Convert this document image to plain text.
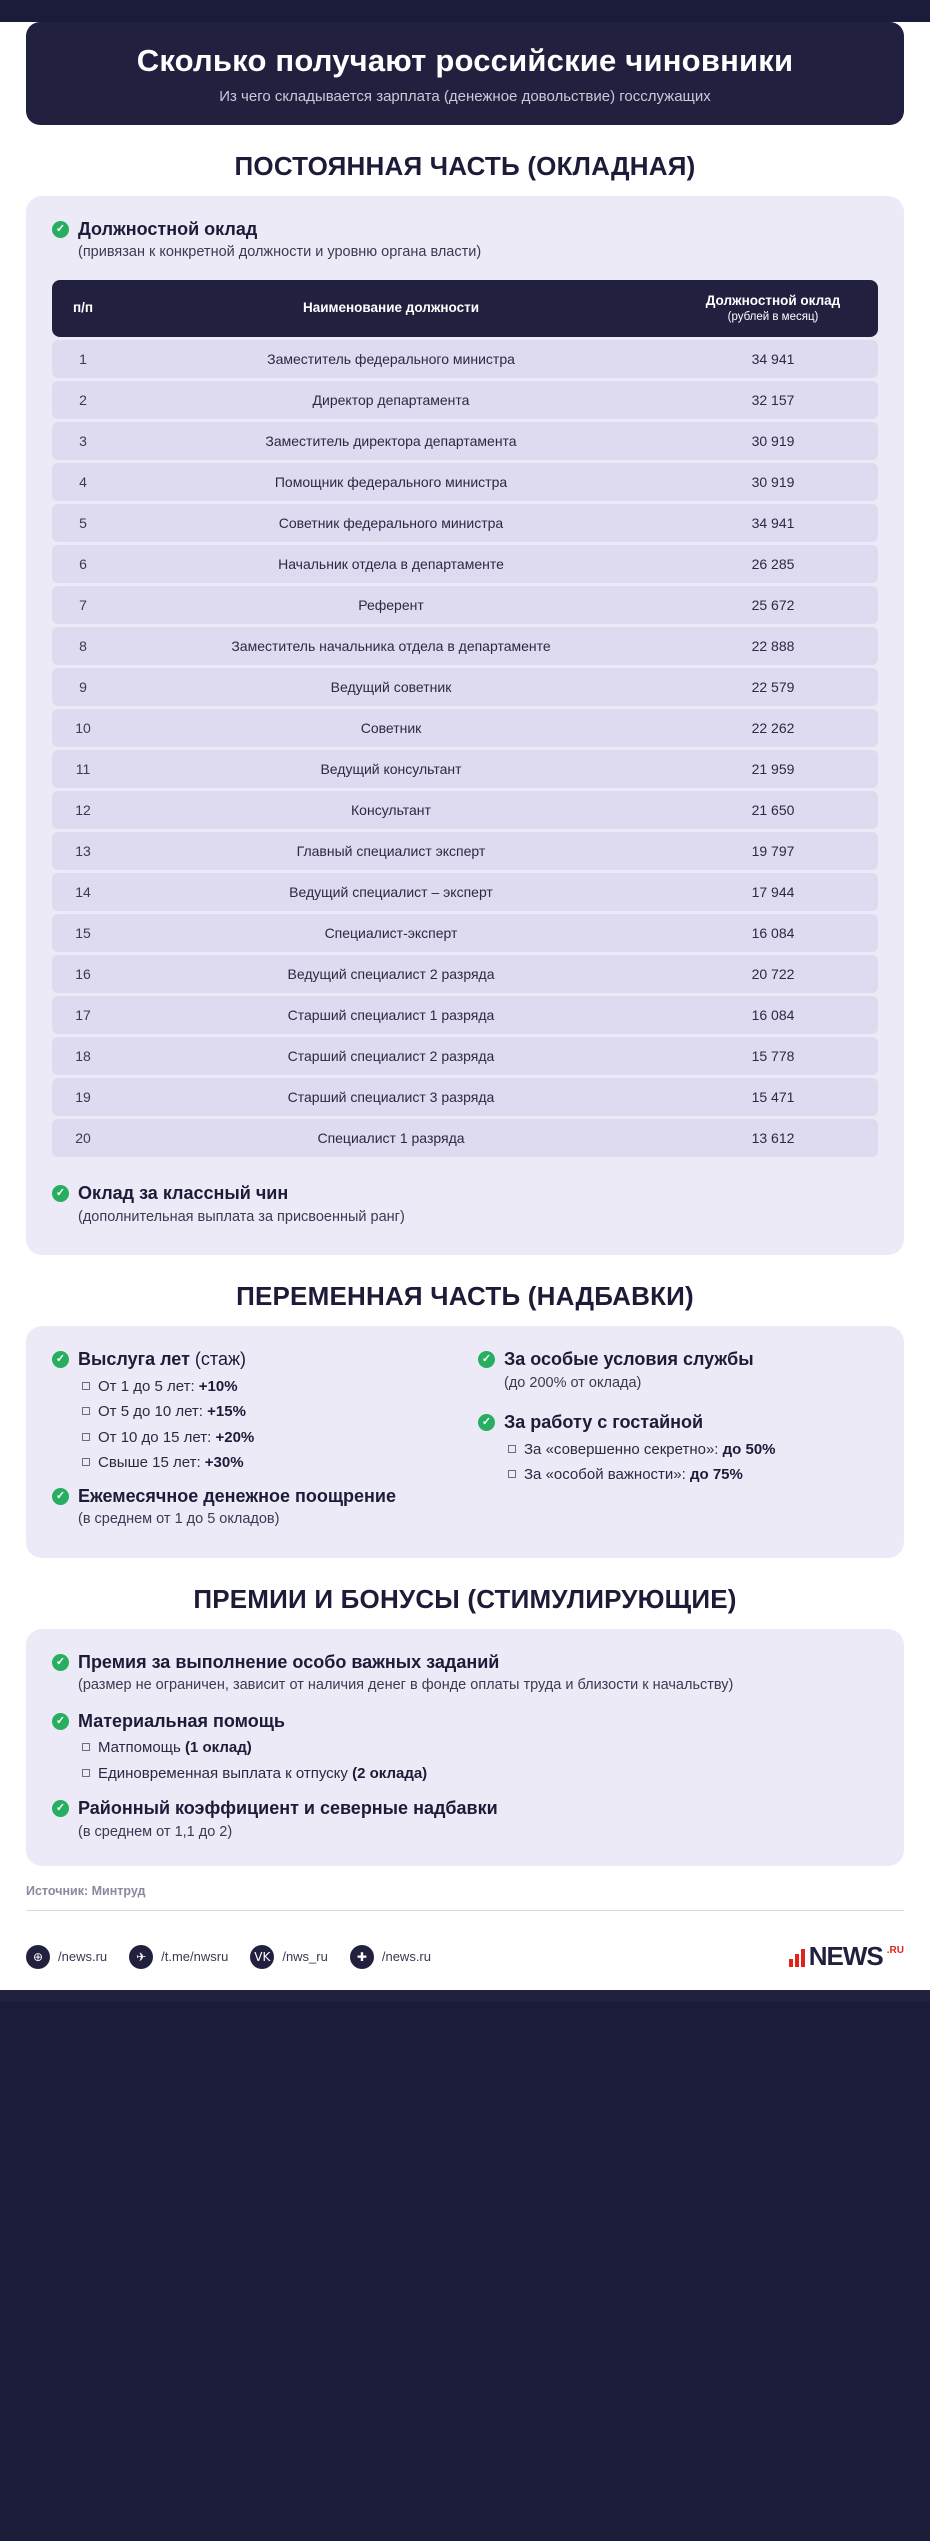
Сколько получают российские чиновники
Из чего складывается зарплата (денежное довольствие) госслужащих
ПОСТОЯННАЯ ЧАСТЬ (ОКЛАДНАЯ)
✓ Должностной оклад
(привязан к конкретной должности и уровню органа власти)
п/п	Наименование должности	Должностной оклад
(рублей в месяц)

1	Заместитель федерального министра	34 941
2	Директор департамента	32 157
3	Заместитель директора департамента	30 919
4	Помощник федерального министра	30 919
5	Советник федерального министра	34 941
6	Начальник отдела в департаменте	26 285
7	Референт	25 672
8	Заместитель начальника отдела в департаменте	22 888
9	Ведущий советник	22 579
10	Советник	22 262
11	Ведущий консультант	21 959
12	Консультант	21 650
13	Главный специалист эксперт	19 797
14	Ведущий специалист – эксперт	17 944
15	Специалист-эксперт	16 084
16	Ведущий специалист 2 разряда	20 722
17	Старший специалист 1 разряда	16 084
18	Старший специалист 2 разряда	15 778
19	Старший специалист 3 разряда	15 471
20	Специалист 1 разряда	13 612
✓ Оклад за классный чин
(дополнительная выплата за присвоенный ранг)
ПЕРЕМЕННАЯ ЧАСТЬ (НАДБАВКИ)
✓ Выслуга лет (стаж)
От 1 до 5 лет: +10%
От 5 до 10 лет: +15%
От 10 до 15 лет: +20%
Свыше 15 лет: +30%
✓ Ежемесячное денежное поощрение
(в среднем от 1 до 5 окладов)
✓ За особые условия службы
(до 200% от оклада)
✓ За работу с гостайной
За «совершенно секретно»: до 50%
За «особой важности»: до 75%
ПРЕМИИ И БОНУСЫ (СТИМУЛИРУЮЩИЕ)
✓ Премия за выполнение особо важных заданий
(размер не ограничен, зависит от наличия денег в фонде оплаты труда и близости к начальству)
✓ Материальная помощь
Матпомощь (1 оклад)
Единовременная выплата к отпуску (2 оклада)
✓ Районный коэффициент и северные надбавки
(в среднем от 1,1 до 2)
Источник: Минтруд
⊕	/news.ru	✈	/t.me/nwsru	VK /nws_ru	✚	/news.ru	NEWS .RU
